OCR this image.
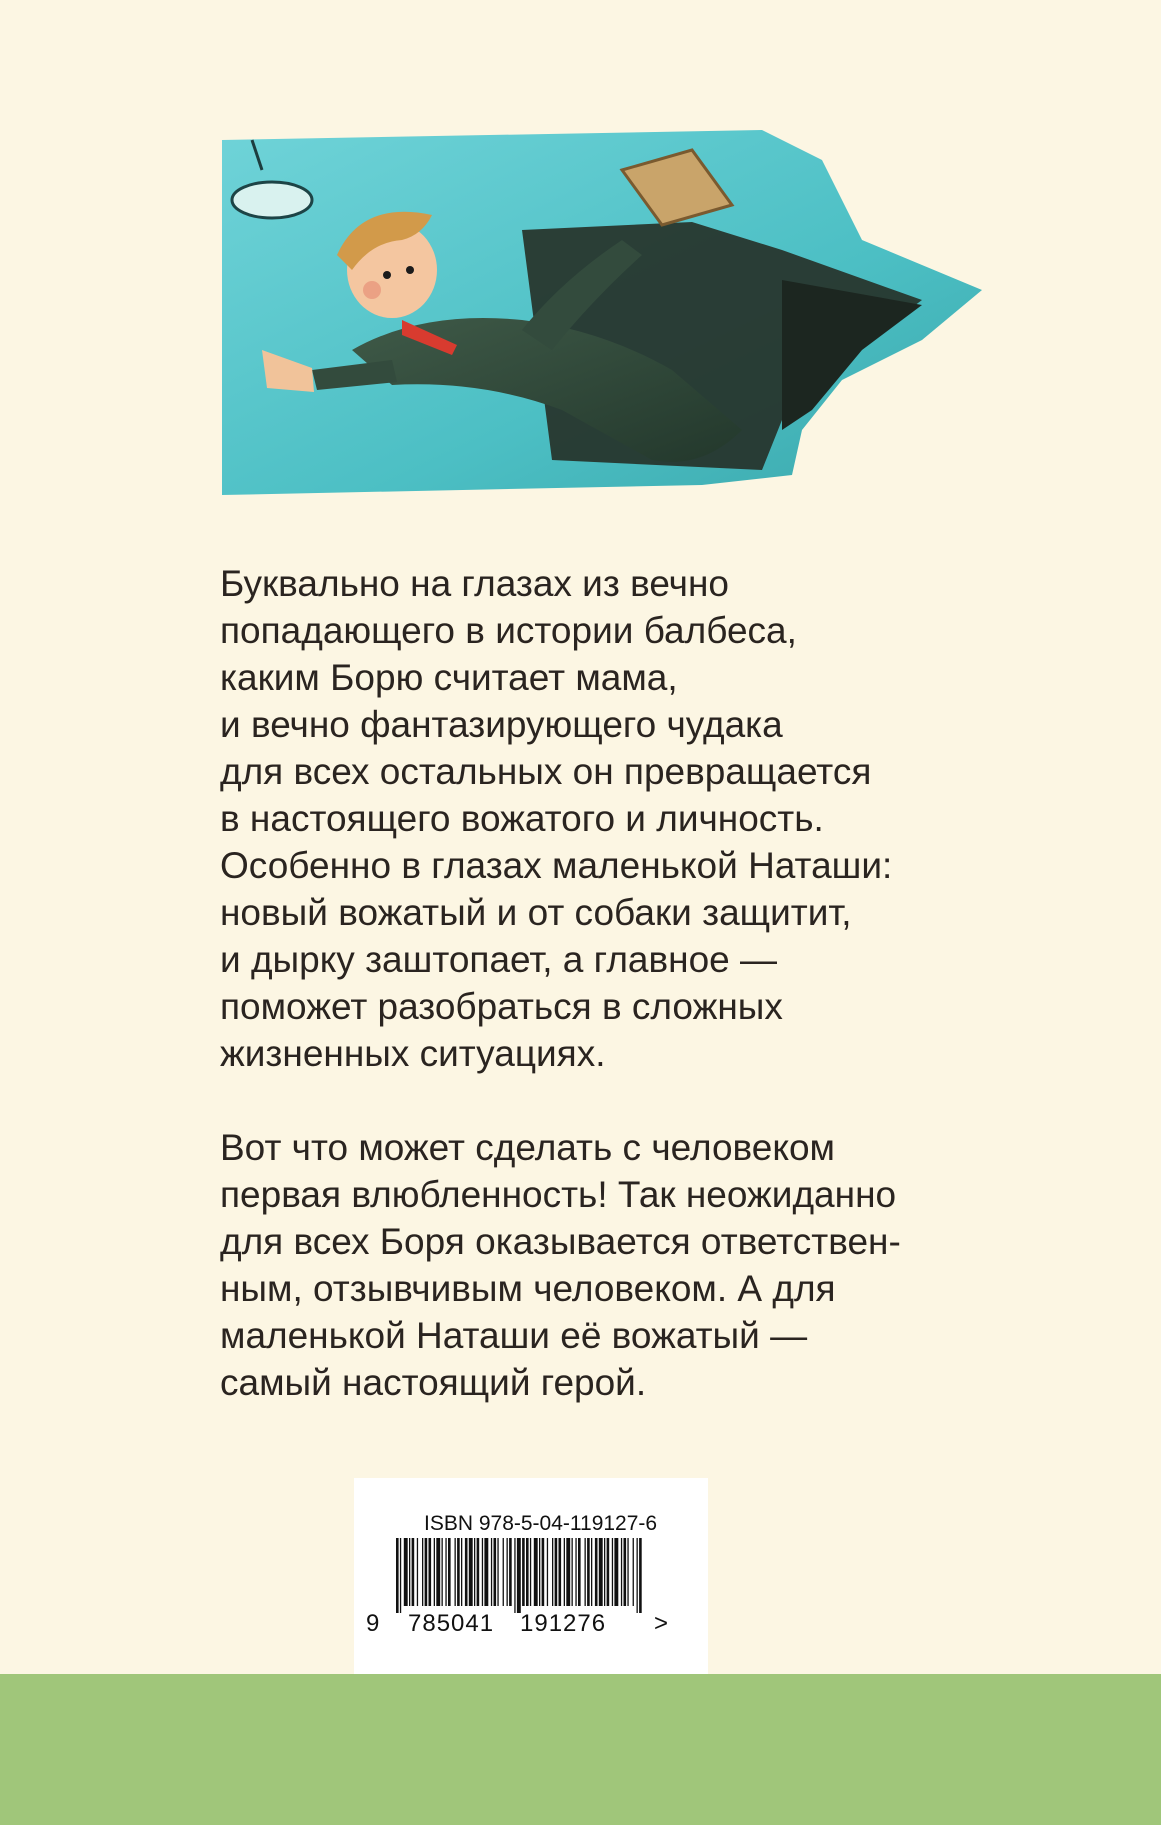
Буквально на глазах из вечно
попадающего в истории балбеса,
каким Борю считает мама,
и вечно фантазирующего чудака
для всех остальных он превращается
в настоящего вожатого и личность.
Особенно в глазах маленькой Наташи:
новый вожатый и от собаки защитит,
и дырку заштопает, а главное —
поможет разобраться в сложных
жизненных ситуациях.

Вот что может сделать с человеком
первая влюбленность! Так неожиданно
для всех Боря оказывается ответствен-
ным, отзывчивым человеком. А для
маленькой Наташи её вожатый —
самый настоящий герой.

ISBN 978-5-04-119127-6
9 785041 191276 >
